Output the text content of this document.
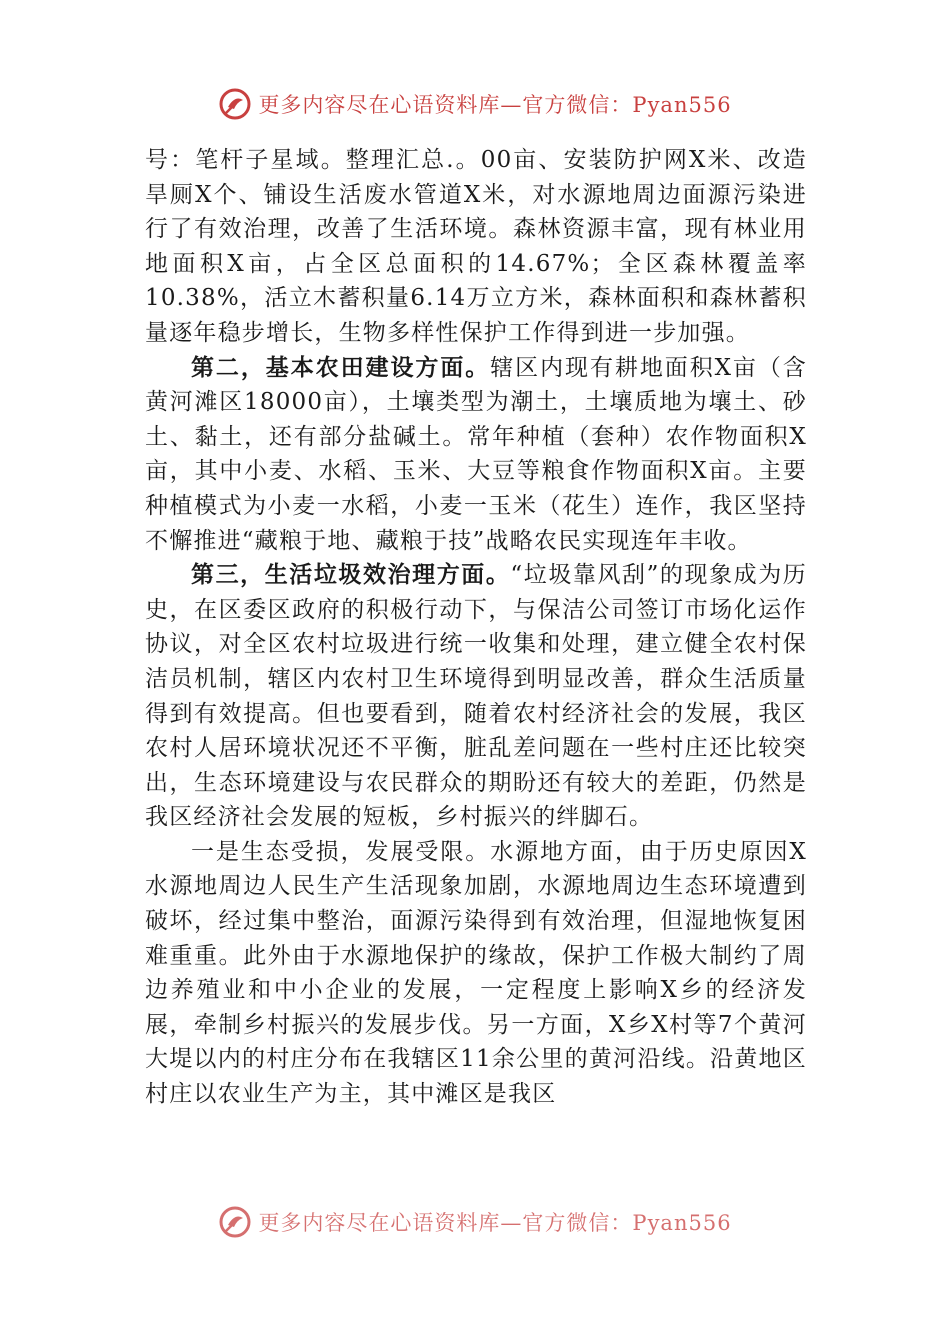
更多内容尽在心语资料库—官方微信：Pyan556

号：笔杆子星域。整理汇总.。00亩、安装防护网X米、改造旱厕X个、铺设生活废水管道X米，对水源地周边面源污染进行了有效治理，改善了生活环境。森林资源丰富，现有林业用地面积X亩，占全区总面积的14.67%；全区森林覆盖率10.38%，活立木蓄积量6.14万立方米，森林面积和森林蓄积量逐年稳步增长，生物多样性保护工作得到进一步加强。

第二，基本农田建设方面。辖区内现有耕地面积X亩（含黄河滩区18000亩），土壤类型为潮土，土壤质地为壤土、砂土、黏土，还有部分盐碱土。常年种植（套种）农作物面积X亩，其中小麦、水稻、玉米、大豆等粮食作物面积X亩。主要种植模式为小麦一水稻，小麦一玉米（花生）连作，我区坚持不懈推进“藏粮于地、藏粮于技”战略农民实现连年丰收。

第三，生活垃圾效治理方面。“垃圾靠风刮”的现象成为历史，在区委区政府的积极行动下，与保洁公司签订市场化运作协议，对全区农村垃圾进行统一收集和处理，建立健全农村保洁员机制，辖区内农村卫生环境得到明显改善，群众生活质量得到有效提高。但也要看到，随着农村经济社会的发展，我区农村人居环境状况还不平衡，脏乱差问题在一些村庄还比较突出，生态环境建设与农民群众的期盼还有较大的差距，仍然是我区经济社会发展的短板，乡村振兴的绊脚石。

一是生态受损，发展受限。水源地方面，由于历史原因X水源地周边人民生产生活现象加剧，水源地周边生态环境遭到破坏，经过集中整治，面源污染得到有效治理，但湿地恢复困难重重。此外由于水源地保护的缘故，保护工作极大制约了周边养殖业和中小企业的发展，一定程度上影响X乡的经济发展，牵制乡村振兴的发展步伐。另一方面，X乡X村等7个黄河大堤以内的村庄分布在我辖区11余公里的黄河沿线。沿黄地区村庄以农业生产为主，其中滩区是我区

更多内容尽在心语资料库—官方微信：Pyan556
